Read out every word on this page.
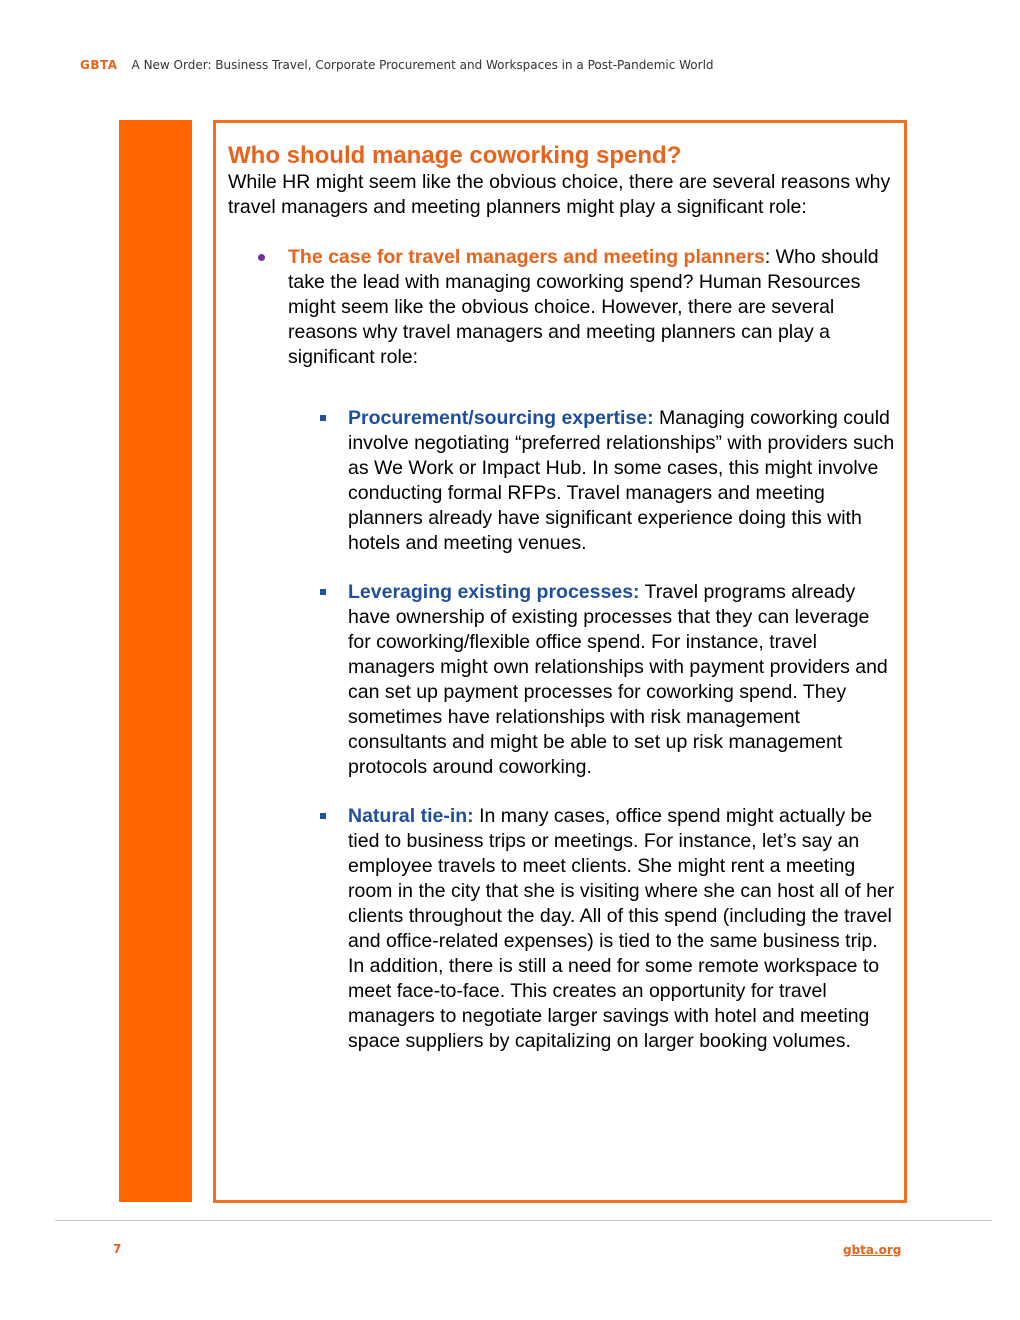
GBTA A New Order: Business Travel, Corporate Procurement and Workspaces in a Post-Pandemic World
Who should manage coworking spend?

While HR might seem like the obvious choice, there are several reasons why travel managers and meeting planners might play a significant role:

The case for travel managers and meeting planners: Who should take the lead with managing coworking spend? Human Resources might seem like the obvious choice. However, there are several reasons why travel managers and meeting planners can play a significant role:
Procurement/sourcing expertise: Managing coworking could involve negotiating “preferred relationships” with providers such as We Work or Impact Hub. In some cases, this might involve conducting formal RFPs. Travel managers and meeting planners already have significant experience doing this with hotels and meeting venues.
Leveraging existing processes: Travel programs already have ownership of existing processes that they can leverage for coworking/flexible office spend. For instance, travel managers might own relationships with payment providers and can set up payment processes for coworking spend. They sometimes have relationships with risk management consultants and might be able to set up risk management protocols around coworking.
Natural tie-in: In many cases, office spend might actually be tied to business trips or meetings. For instance, let’s say an employee travels to meet clients. She might rent a meeting room in the city that she is visiting where she can host all of her clients throughout the day. All of this spend (including the travel and office-related expenses) is tied to the same business trip. In addition, there is still a need for some remote workspace to meet face-to-face. This creates an opportunity for travel managers to negotiate larger savings with hotel and meeting space suppliers by capitalizing on larger booking volumes.
7	gbta.org
